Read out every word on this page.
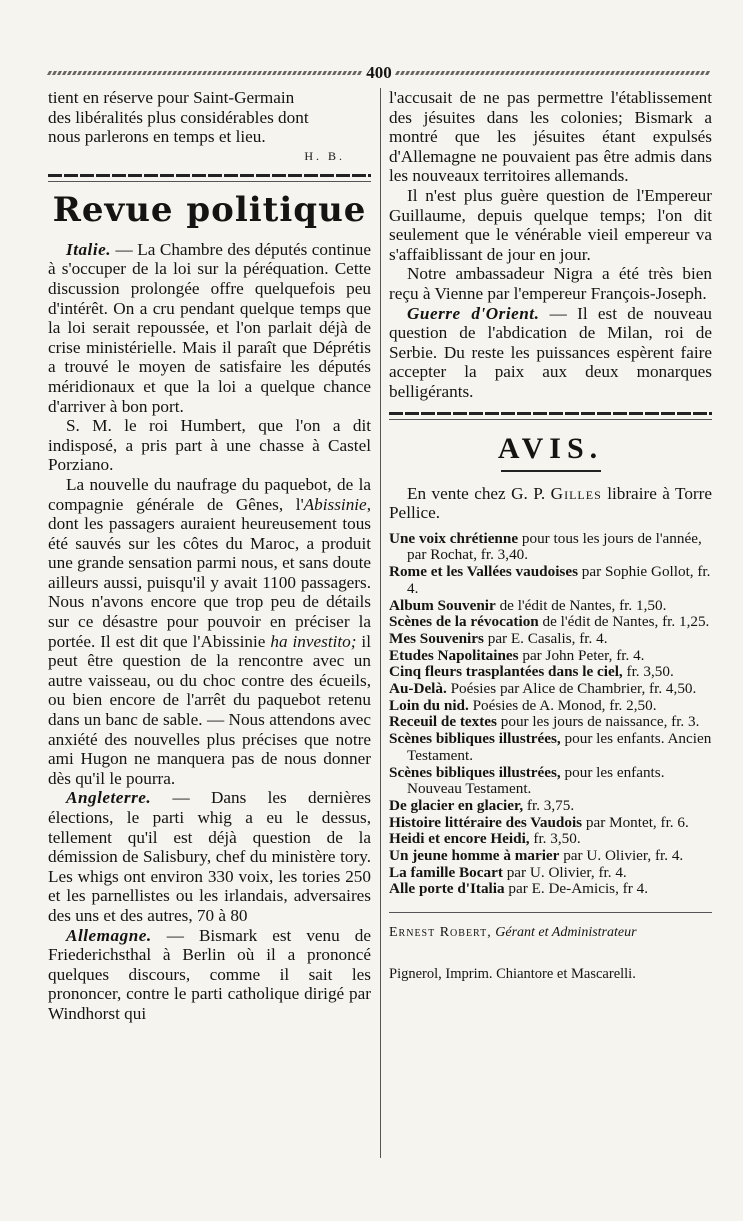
400

tient en réserve pour Saint-Germain

des libéralités plus considérables dont

nous parlerons en temps et lieu.

H. B.
Revue politique

Italie. — La Chambre des députés continue à s'occuper de la loi sur la péréquation. Cette discussion prolongée offre quelquefois peu d'intérêt. On a cru pendant quelque temps que la loi serait repoussée, et l'on parlait déjà de crise ministérielle. Mais il paraît que Déprétis a trouvé le moyen de satisfaire les députés méridionaux et que la loi a quelque chance d'arriver à bon port.

S. M. le roi Humbert, que l'on a dit indisposé, a pris part à une chasse à Castel Porziano.

La nouvelle du naufrage du paquebot, de la compagnie générale de Gênes, l'Abissinie, dont les passagers auraient heureusement tous été sauvés sur les côtes du Maroc, a produit une grande sensation parmi nous, et sans doute ailleurs aussi, puisqu'il y avait 1100 passagers. Nous n'avons encore que trop peu de détails sur ce désastre pour pouvoir en préciser la portée. Il est dit que l'Abissinie ha investito; il peut être question de la rencontre avec un autre vaisseau, ou du choc contre des écueils, ou bien encore de l'arrêt du paquebot retenu dans un banc de sable. — Nous attendons avec anxiété des nouvelles plus précises que notre ami Hugon ne manquera pas de nous donner dès qu'il le pourra.

Angleterre. — Dans les dernières élections, le parti whig a eu le dessus, tellement qu'il est déjà question de la démission de Salisbury, chef du ministère tory. Les whigs ont environ 330 voix, les tories 250 et les parnellistes ou les irlandais, adversaires des uns et des autres, 70 à 80

Allemagne. — Bismark est venu de Friederichsthal à Berlin où il a prononcé quelques discours, comme il sait les prononcer, contre le parti catholique dirigé par Windhorst qui

l'accusait de ne pas permettre l'établissement des jésuites dans les colonies; Bismark a montré que les jésuites étant expulsés d'Allemagne ne pouvaient pas être admis dans les nouveaux territoires allemands.

Il n'est plus guère question de l'Empereur Guillaume, depuis quelque temps; l'on dit seulement que le vénérable vieil empereur va s'affaiblissant de jour en jour.

Notre ambassadeur Nigra a été très bien reçu à Vienne par l'empereur François-Joseph.

Guerre d'Orient. — Il est de nouveau question de l'abdication de Milan, roi de Serbie. Du reste les puissances espèrent faire accepter la paix aux deux monarques belligérants.

AVIS.

En vente chez G. P. Gilles libraire à Torre Pellice.

Une voix chrétienne pour tous les jours de l'année, par Rochat, fr. 3,40.

Rome et les Vallées vaudoises par Sophie Gollot, fr. 4.

Album Souvenir de l'édit de Nantes, fr. 1,50.

Scènes de la révocation de l'édit de Nantes, fr. 1,25.

Mes Souvenirs par E. Casalis, fr. 4.

Etudes Napolitaines par John Peter, fr. 4.

Cinq fleurs trasplantées dans le ciel, fr. 3,50.

Au-Delà. Poésies par Alice de Chambrier, fr. 4,50.

Loin du nid. Poésies de A. Monod, fr. 2,50.

Receuil de textes pour les jours de naissance, fr. 3.

Scènes bibliques illustrées, pour les enfants. Ancien Testament.

Scènes bibliques illustrées, pour les enfants. Nouveau Testament.

De glacier en glacier, fr. 3,75.

Histoire littéraire des Vaudois par Montet, fr. 6.

Heidi et encore Heidi, fr. 3,50.

Un jeune homme à marier par U. Olivier, fr. 4.

La famille Bocart par U. Olivier, fr. 4.

Alle porte d'Italia par E. De-Amicis, fr 4.

Ernest Robert, Gérant et Administrateur

Pignerol, Imprim. Chiantore et Mascarelli.
